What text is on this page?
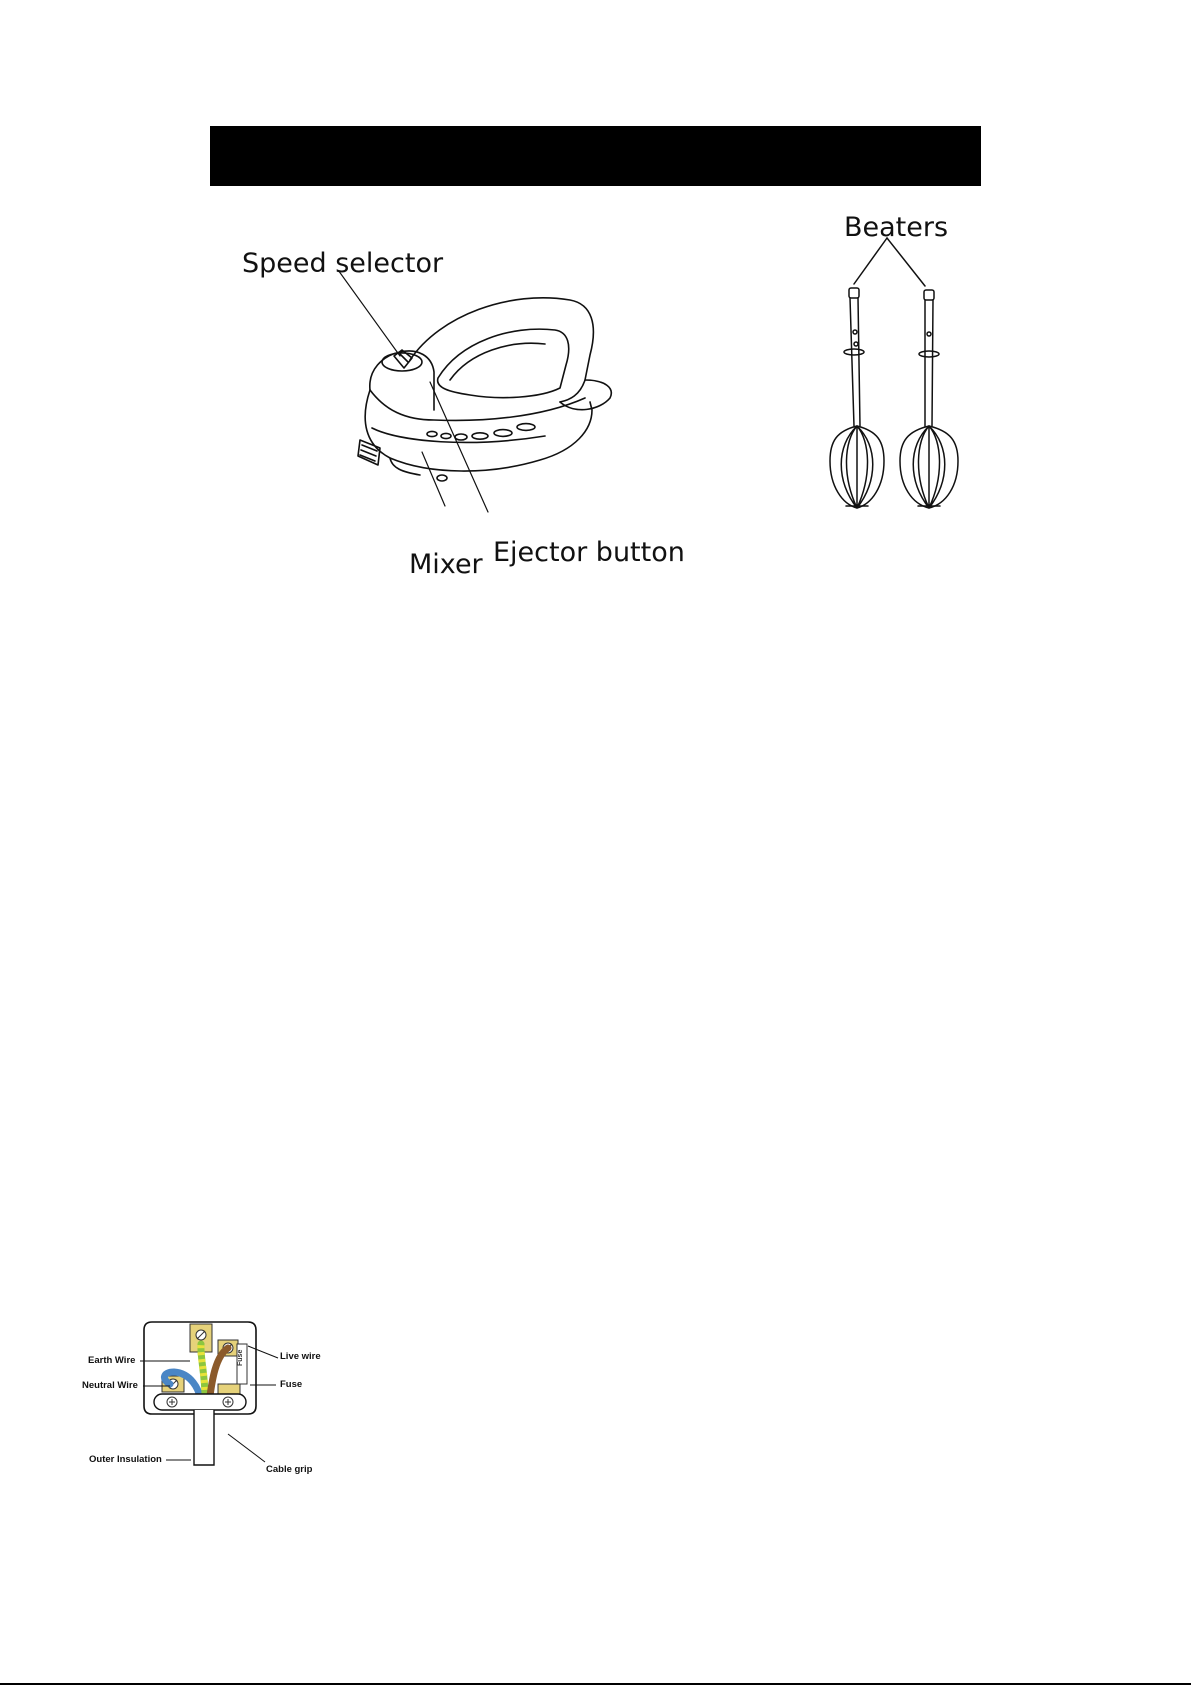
Speed selector
Ejector button
Mixer
Beaters
Fuse
Earth Wire
Neutral Wire
Live wire
Fuse
Outer Insulation
Cable grip
